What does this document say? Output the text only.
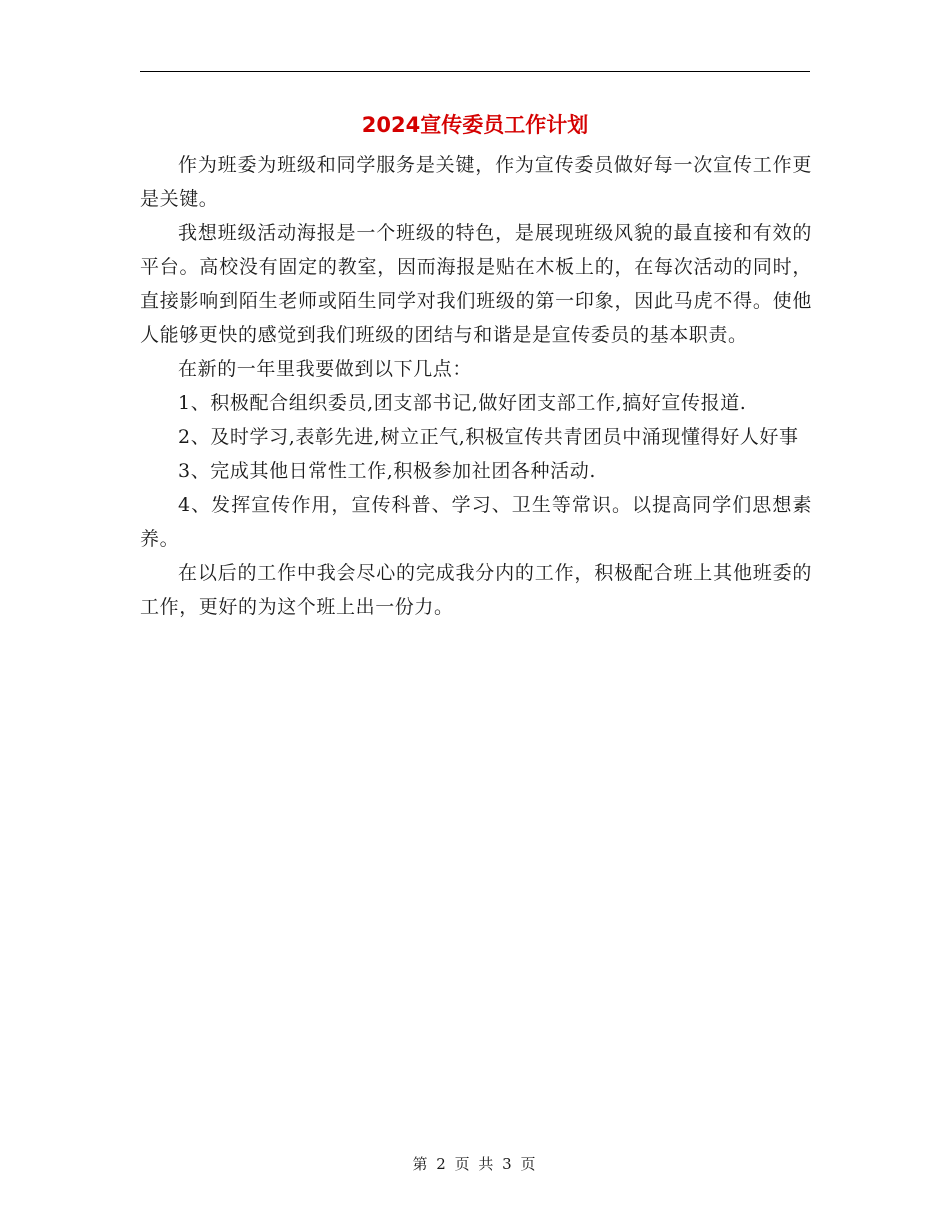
2024宣传委员工作计划

作为班委为班级和同学服务是关键，作为宣传委员做好每一次宣传工作更是关键。

我想班级活动海报是一个班级的特色，是展现班级风貌的最直接和有效的平台。高校没有固定的教室，因而海报是贴在木板上的，在每次活动的同时，直接影响到陌生老师或陌生同学对我们班级的第一印象，因此马虎不得。使他人能够更快的感觉到我们班级的团结与和谐是是宣传委员的基本职责。

在新的一年里我要做到以下几点：

1、积极配合组织委员,团支部书记,做好团支部工作,搞好宣传报道.

2、及时学习,表彰先进,树立正气,积极宣传共青团员中涌现懂得好人好事

3、完成其他日常性工作,积极参加社团各种活动.

4、发挥宣传作用，宣传科普、学习、卫生等常识。以提高同学们思想素养。

在以后的工作中我会尽心的完成我分内的工作，积极配合班上其他班委的工作，更好的为这个班上出一份力。

第 2 页 共 3 页
